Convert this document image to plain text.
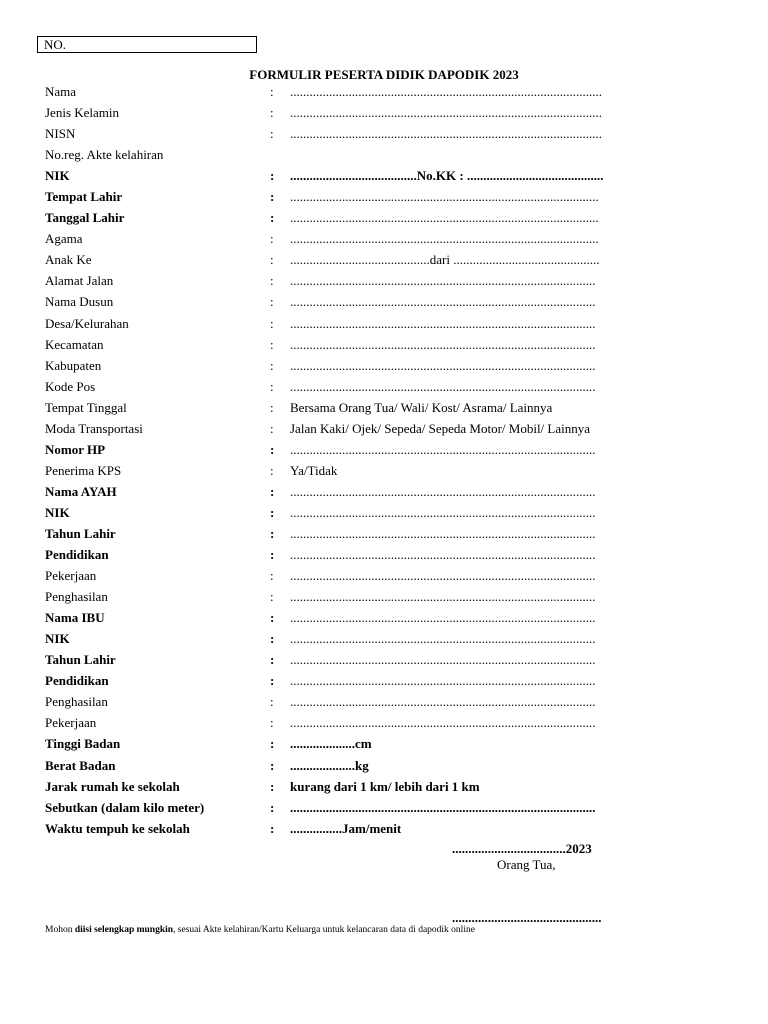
NO.
FORMULIR PESERTA DIDIK DAPODIK 2023
Nama	: ................................................................................................
Jenis Kelamin	: ................................................................................................
NISN	: ................................................................................................
No.reg. Akte kelahiran
NIK	: .......................................No.KK : ..........................................
Tempat Lahir	: ...............................................................................................
Tanggal Lahir	: ...............................................................................................
Agama	: ...............................................................................................
Anak Ke	: ...........................................dari .............................................
Alamat Jalan	: ..............................................................................................
Nama Dusun	: ..............................................................................................
Desa/Kelurahan	: ..............................................................................................
Kecamatan	: ..............................................................................................
Kabupaten	: ..............................................................................................
Kode Pos	: ..............................................................................................
Tempat Tinggal	: Bersama Orang Tua/ Wali/ Kost/ Asrama/ Lainnya
Moda Transportasi	: Jalan Kaki/ Ojek/ Sepeda/ Sepeda Motor/ Mobil/ Lainnya
Nomor HP	: ..............................................................................................
Penerima KPS	: Ya/Tidak
Nama AYAH	: ..............................................................................................
NIK	: ..............................................................................................
Tahun Lahir	: ..............................................................................................
Pendidikan	: ..............................................................................................
Pekerjaan	: ..............................................................................................
Penghasilan	: ..............................................................................................
Nama IBU	: ..............................................................................................
NIK	: ..............................................................................................
Tahun Lahir	: ..............................................................................................
Pendidikan	: ..............................................................................................
Penghasilan	: ..............................................................................................
Pekerjaan	: ..............................................................................................
Tinggi Badan	: ....................cm
Berat Badan	: ....................kg
Jarak rumah ke sekolah	: kurang dari 1 km/ lebih dari 1 km
Sebutkan (dalam kilo meter)	: ..............................................................................................
Waktu tempuh ke sekolah	: ................Jam/menit
...................................2023
Orang Tua,
..............................................
Mohon diisi selengkap mungkin, sesuai Akte kelahiran/Kartu Keluarga untuk kelancaran data di dapodik online
